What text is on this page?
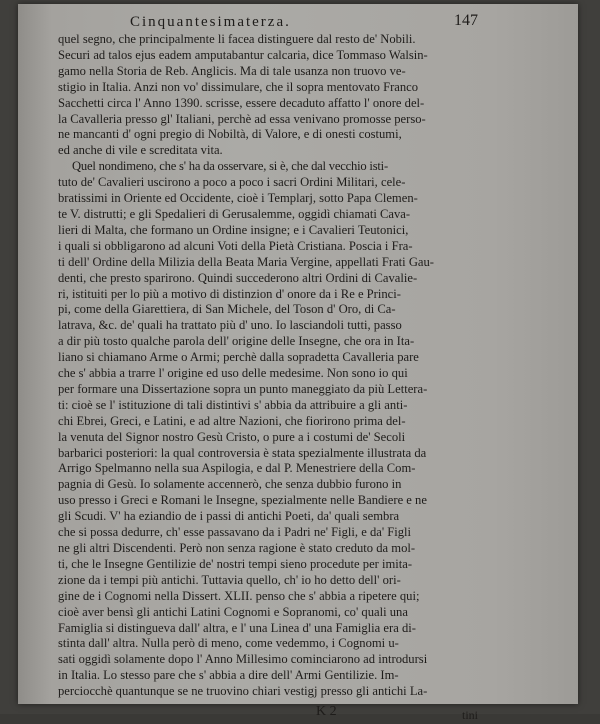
Cinquantesimaterza.	147
quel segno, che principalmente li facea distinguere dal resto de' Nobili.
Securi ad talos ejus eadem amputabantur calcaria, dice Tommaso Walsin-
gamo nella Storia de Reb. Anglicis. Ma di tale usanza non truovo ve-
stigio in Italia. Anzi non vo' dissimulare, che il sopra mentovato Franco
Sacchetti circa l' Anno 1390. scrisse, essere decaduto affatto l' onore del-
la Cavalleria presso gl' Italiani, perchè ad essa venivano promosse perso-
ne mancanti d' ogni pregio di Nobiltà, di Valore, e di onesti costumi,
ed anche di vile e screditata vita.
Quel nondimeno, che s' ha da osservare, si è, che dal vecchio isti-
tuto de' Cavalieri uscirono a poco a poco i sacri Ordini Militari, cele-
bratissimi in Oriente ed Occidente, cioè i Templarj, sotto Papa Clemen-
te V. distrutti; e gli Spedalieri di Gerusalemme, oggidì chiamati Cava-
lieri di Malta, che formano un Ordine insigne; e i Cavalieri Teutonici,
i quali si obbligarono ad alcuni Voti della Pietà Cristiana. Poscia i Fra-
ti dell' Ordine della Milizia della Beata Maria Vergine, appellati Frati Gau-
denti, che presto sparirono. Quindi succederono altri Ordini di Cavalie-
ri, istituiti per lo più a motivo di distinzion d' onore da i Re e Princi-
pi, come della Giarettiera, di San Michele, del Toson d' Oro, di Ca-
latrava, &c. de' quali ha trattato più d' uno. Io lasciandoli tutti, passo
a dir più tosto qualche parola dell' origine delle Insegne, che ora in Ita-
liano si chiamano Arme o Armi; perchè dalla sopradetta Cavalleria pare
che s' abbia a trarre l' origine ed uso delle medesime. Non sono io qui
per formare una Dissertazione sopra un punto maneggiato da più Lettera-
ti: cioè se l' istituzione di tali distintivi s' abbia da attribuire a gli anti-
chi Ebrei, Greci, e Latini, e ad altre Nazioni, che fiorirono prima del-
la venuta del Signor nostro Gesù Cristo, o pure a i costumi de' Secoli
barbarici posteriori: la qual controversia è stata spezialmente illustrata da
Arrigo Spelmanno nella sua Aspilogia, e dal P. Menestriere della Com-
pagnia di Gesù. Io solamente accennerò, che senza dubbio furono in
uso presso i Greci e Romani le Insegne, spezialmente nelle Bandiere e ne
gli Scudi. V' ha eziandio de i passi di antichi Poeti, da' quali sembra
che si possa dedurre, ch' esse passavano da i Padri ne' Figli, e da' Figli
ne gli altri Discendenti. Però non senza ragione è stato creduto da mol-
ti, che le Insegne Gentilizie de' nostri tempi sieno procedute per imita-
zione da i tempi più antichi. Tuttavia quello, ch' io ho detto dell' ori-
gine de i Cognomi nella Dissert. XLII. penso che s' abbia a ripetere qui;
cioè aver bensì gli antichi Latini Cognomi e Sopranomi, co' quali una
Famiglia si distingueva dall' altra, e l' una Linea d' una Famiglia era di-
stinta dall' altra. Nulla però di meno, come vedemmo, i Cognomi u-
sati oggidì solamente dopo l' Anno Millesimo cominciarono ad introdursi
in Italia. Lo stesso pare che s' abbia a dire dell' Armi Gentilizie. Im-
perciocchè quantunque se ne truovino chiari vestigj presso gli antichi La-
K 2	tini
